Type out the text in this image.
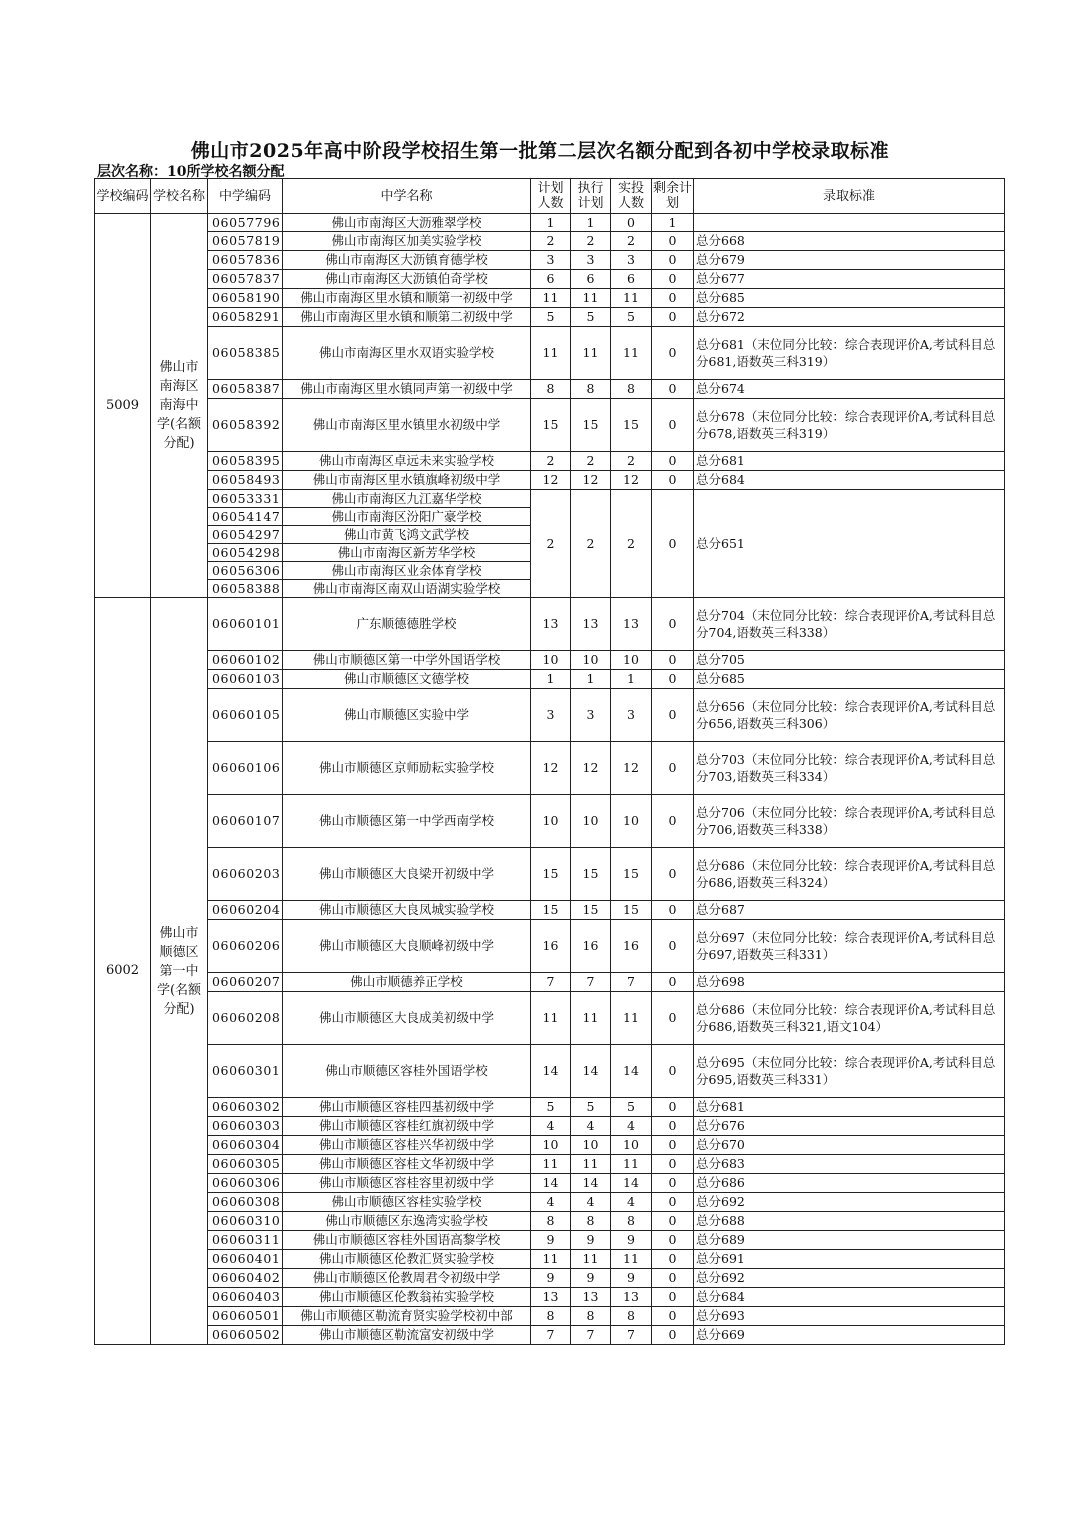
佛山市2025年高中阶段学校招生第一批第二层次名额分配到各初中学校录取标准
层次名称：10所学校名额分配
学校编码	学校名称	中学编码	中学名称	计划人数	执行计划	实投人数	剩余计划	录取标准
5009	佛山市南海区南海中学(名额分配)	06057796	佛山市南海区大沥雅翠学校	1	1	0	1	
		06057819	佛山市南海区加美实验学校	2	2	2	0	总分668
		06057836	佛山市南海区大沥镇育德学校	3	3	3	0	总分679
		06057837	佛山市南海区大沥镇伯奇学校	6	6	6	0	总分677
		06058190	佛山市南海区里水镇和顺第一初级中学	11	11	11	0	总分685
		06058291	佛山市南海区里水镇和顺第二初级中学	5	5	5	0	总分672
		06058385	佛山市南海区里水双语实验学校	11	11	11	0	总分681（末位同分比较：综合表现评价A,考试科目总分681,语数英三科319）
		06058387	佛山市南海区里水镇同声第一初级中学	8	8	8	0	总分674
		06058392	佛山市南海区里水镇里水初级中学	15	15	15	0	总分678（末位同分比较：综合表现评价A,考试科目总分678,语数英三科319）
		06058395	佛山市南海区卓远未来实验学校	2	2	2	0	总分681
		06058493	佛山市南海区里水镇旗峰初级中学	12	12	12	0	总分684
		06053331	佛山市南海区九江嘉华学校	2	2	2	0	总分651
		06054147	佛山市南海区汾阳广豪学校					
		06054297	佛山市黄飞鸿文武学校					
		06054298	佛山市南海区新芳华学校					
		06056306	佛山市南海区业余体育学校					
		06058388	佛山市南海区南双山语湖实验学校					
6002	佛山市顺德区第一中学(名额分配)	06060101	广东顺德德胜学校	13	13	13	0	总分704（末位同分比较：综合表现评价A,考试科目总分704,语数英三科338）
		06060102	佛山市顺德区第一中学外国语学校	10	10	10	0	总分705
		06060103	佛山市顺德区文德学校	1	1	1	0	总分685
		06060105	佛山市顺德区实验中学	3	3	3	0	总分656（末位同分比较：综合表现评价A,考试科目总分656,语数英三科306）
		06060106	佛山市顺德区京师励耘实验学校	12	12	12	0	总分703（末位同分比较：综合表现评价A,考试科目总分703,语数英三科334）
		06060107	佛山市顺德区第一中学西南学校	10	10	10	0	总分706（末位同分比较：综合表现评价A,考试科目总分706,语数英三科338）
		06060203	佛山市顺德区大良梁开初级中学	15	15	15	0	总分686（末位同分比较：综合表现评价A,考试科目总分686,语数英三科324）
		06060204	佛山市顺德区大良凤城实验学校	15	15	15	0	总分687
		06060206	佛山市顺德区大良顺峰初级中学	16	16	16	0	总分697（末位同分比较：综合表现评价A,考试科目总分697,语数英三科331）
		06060207	佛山市顺德养正学校	7	7	7	0	总分698
		06060208	佛山市顺德区大良成美初级中学	11	11	11	0	总分686（末位同分比较：综合表现评价A,考试科目总分686,语数英三科321,语文104）
		06060301	佛山市顺德区容桂外国语学校	14	14	14	0	总分695（末位同分比较：综合表现评价A,考试科目总分695,语数英三科331）
		06060302	佛山市顺德区容桂四基初级中学	5	5	5	0	总分681
		06060303	佛山市顺德区容桂红旗初级中学	4	4	4	0	总分676
		06060304	佛山市顺德区容桂兴华初级中学	10	10	10	0	总分670
		06060305	佛山市顺德区容桂文华初级中学	11	11	11	0	总分683
		06060306	佛山市顺德区容桂容里初级中学	14	14	14	0	总分686
		06060308	佛山市顺德区容桂实验学校	4	4	4	0	总分692
		06060310	佛山市顺德区东逸湾实验学校	8	8	8	0	总分688
		06060311	佛山市顺德区容桂外国语高黎学校	9	9	9	0	总分689
		06060401	佛山市顺德区伦教汇贤实验学校	11	11	11	0	总分691
		06060402	佛山市顺德区伦教周君令初级中学	9	9	9	0	总分692
		06060403	佛山市顺德区伦教翁祐实验学校	13	13	13	0	总分684
		06060501	佛山市顺德区勒流育贤实验学校初中部	8	8	8	0	总分693
		06060502	佛山市顺德区勒流富安初级中学	7	7	7	0	总分669
